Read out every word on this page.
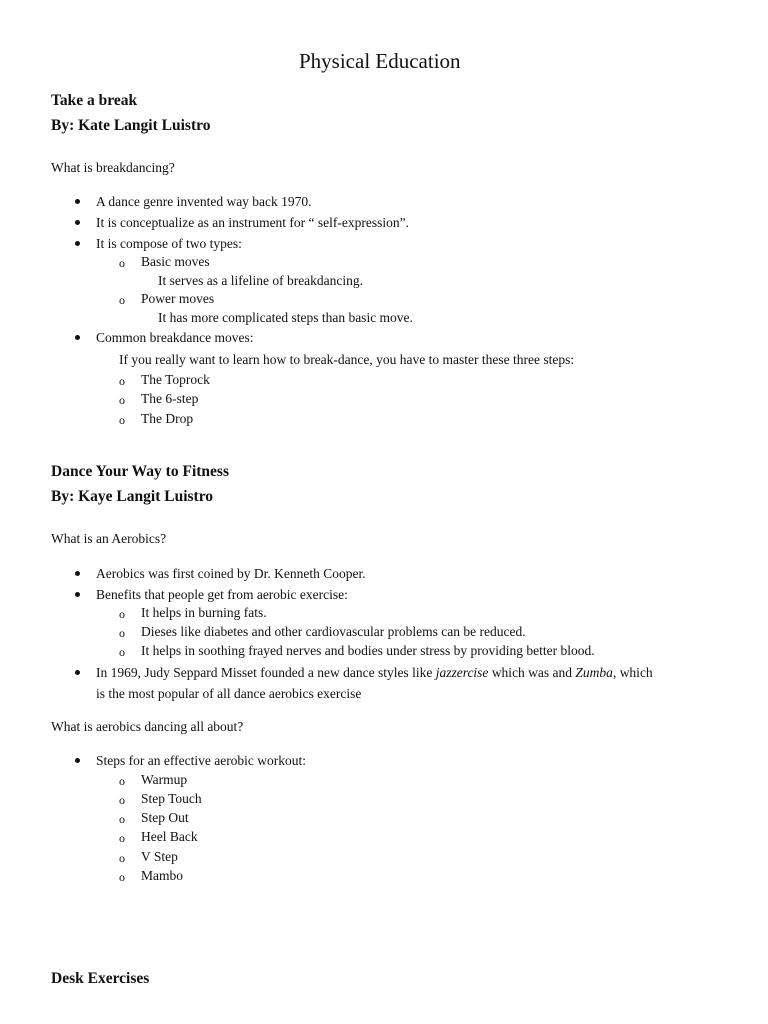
Physical Education
Take a break
By: Kate Langit Luistro
What is breakdancing?
A dance genre invented way back 1970.
It is conceptualize as an instrument for “ self-expression”.
It is compose of two types:
o Basic moves
It serves as a lifeline of breakdancing.
o Power moves
It has more complicated steps than basic move.
Common breakdance moves:
If you really want to learn how to break-dance, you have to master these three steps:
o The Toprock
o The 6-step
o The Drop
Dance Your Way to Fitness
By: Kaye Langit Luistro
What is an Aerobics?
Aerobics was first coined by Dr. Kenneth Cooper.
Benefits that people get from aerobic exercise:
o It helps in burning fats.
o Dieses like diabetes and other cardiovascular problems can be reduced.
o It helps in soothing frayed nerves and bodies under stress by providing better blood.
In 1969, Judy Seppard Misset founded a new dance styles like jazzercise which was and Zumba, which
is the most popular of all dance aerobics exercise
What is aerobics dancing all about?
Steps for an effective aerobic workout:
o Warmup
o Step Touch
o Step Out
o Heel Back
o V Step
o Mambo
Desk Exercises
